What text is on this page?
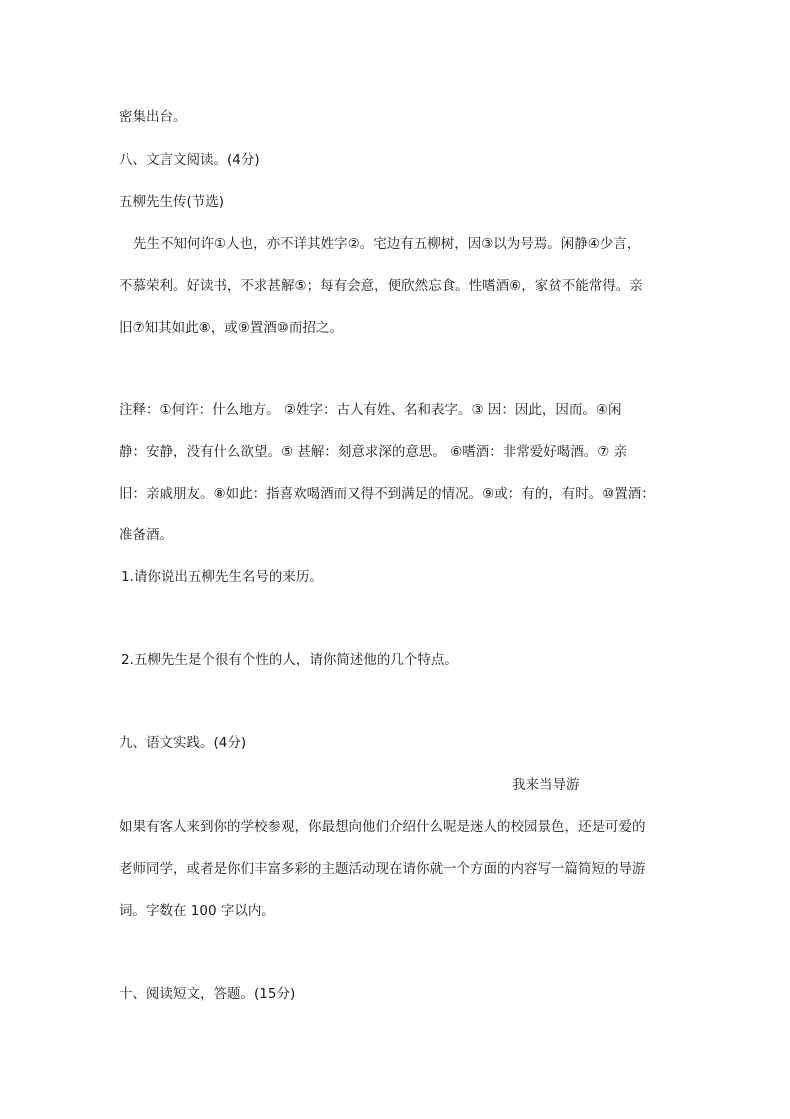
密集出台。
八、文言文阅读。(4分)
五柳先生传(节选)
先生不知何许①人也，亦不详其姓字②。宅边有五柳树，因③以为号焉。闲静④少言，
不慕荣利。好读书，不求甚解⑤；每有会意，便欣然忘食。性嗜酒⑥，家贫不能常得。亲
旧⑦知其如此⑧，或⑨置酒⑩而招之。
注释：①何许：什么地方。 ②姓字：古人有姓、名和表字。③ 因：因此，因而。④闲
静：安静，没有什么欲望。⑤ 甚解：刻意求深的意思。 ⑥嗜酒：非常爱好喝酒。⑦ 亲
旧：亲戚朋友。⑧如此：指喜欢喝酒而又得不到满足的情况。⑨或：有的，有时。⑩置酒：
准备酒。
1.请你说出五柳先生名号的来历。
2.五柳先生是个很有个性的人，请你简述他的几个特点。
九、语文实践。(4分)
我来当导游
如果有客人来到你的学校参观，你最想向他们介绍什么呢是迷人的校园景色，还是可爱的
老师同学，或者是你们丰富多彩的主题活动现在请你就一个方面的内容写一篇简短的导游
词。字数在 100 字以内。
十、阅读短文，答题。(15分)
